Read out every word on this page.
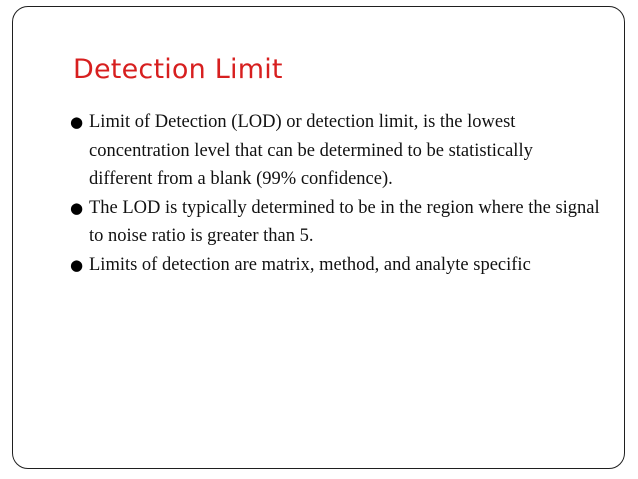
Detection Limit
● Limit of Detection (LOD) or detection limit, is the lowest concentration level that can be determined to be statistically different from a blank (99% confidence).
● The LOD is typically determined to be in the region where the signal to noise ratio is greater than 5.
● Limits of detection are matrix, method, and analyte specific
